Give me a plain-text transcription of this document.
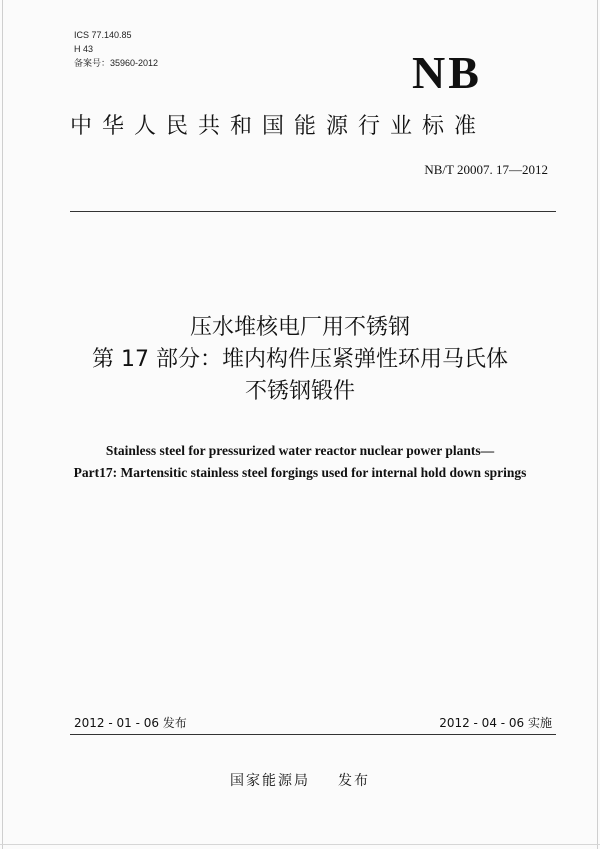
ICS 77.140.85
H 43
备案号：35960-2012	NB
中华人民共和国能源行业标准
NB/T 20007. 17—2012
压水堆核电厂用不锈钢
第 17 部分：堆内构件压紧弹性环用马氏体
不锈钢锻件
Stainless steel for pressurized water reactor nuclear power plants—
Part17: Martensitic stainless steel forgings used for internal hold down springs
2012 - 01 - 06 发布	2012 - 04 - 06 实施
国家能源局 发布
